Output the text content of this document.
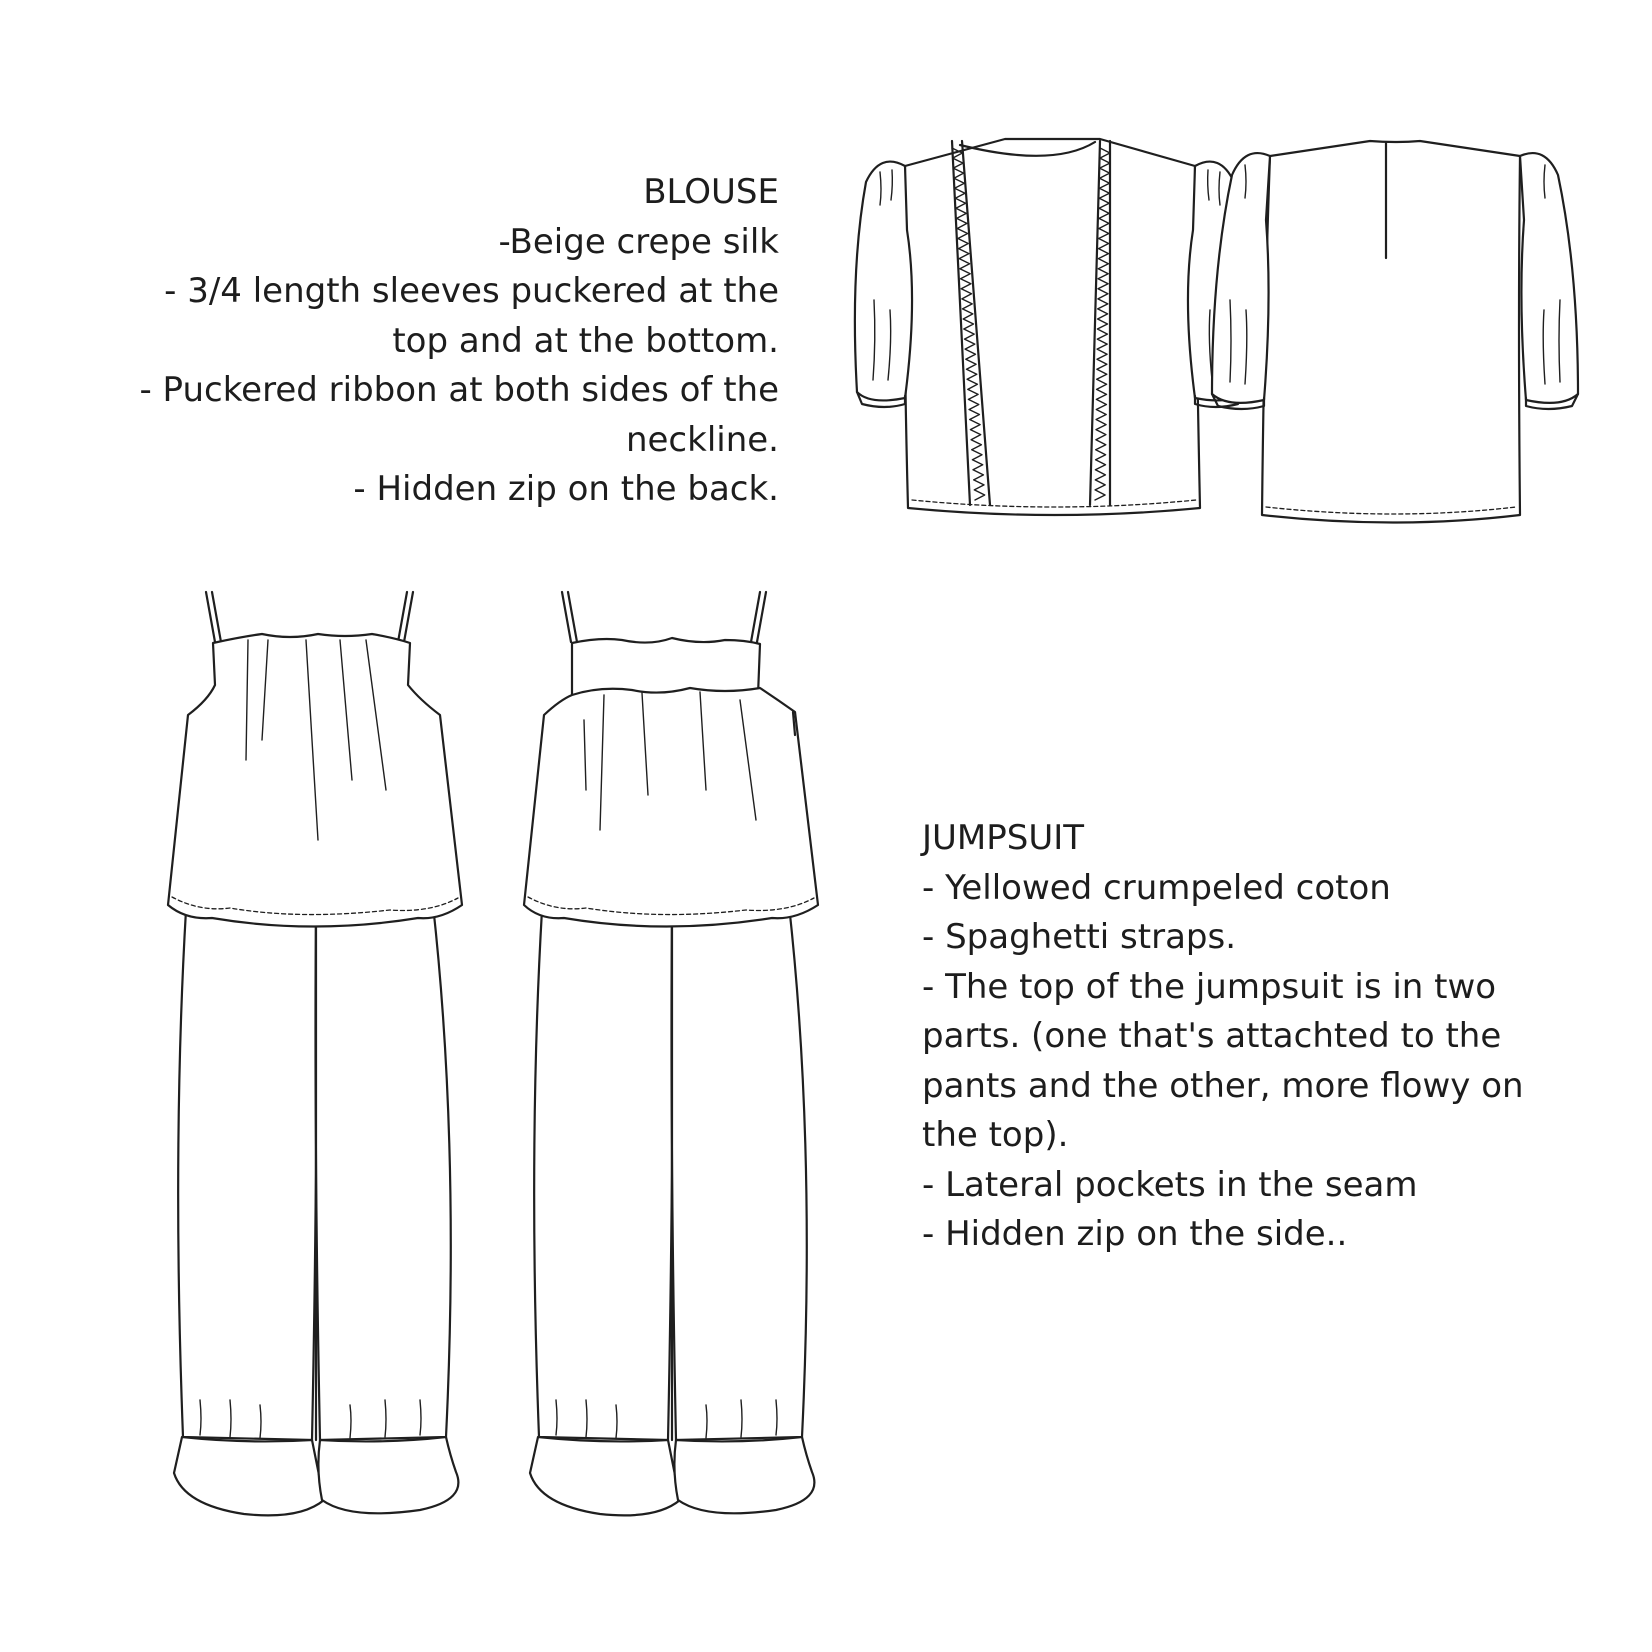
BLOUSE
-Beige crepe silk
- 3/4 length sleeves puckered at the
top and at the bottom.
- Puckered ribbon at both sides of the
neckline.
- Hidden zip on the back.
JUMPSUIT
- Yellowed crumpeled coton
- Spaghetti straps.
- The top of the jumpsuit is in two
parts. (one that's attachted to the
pants and the other, more flowy on
the top).
- Lateral pockets in the seam
- Hidden zip on the side..
